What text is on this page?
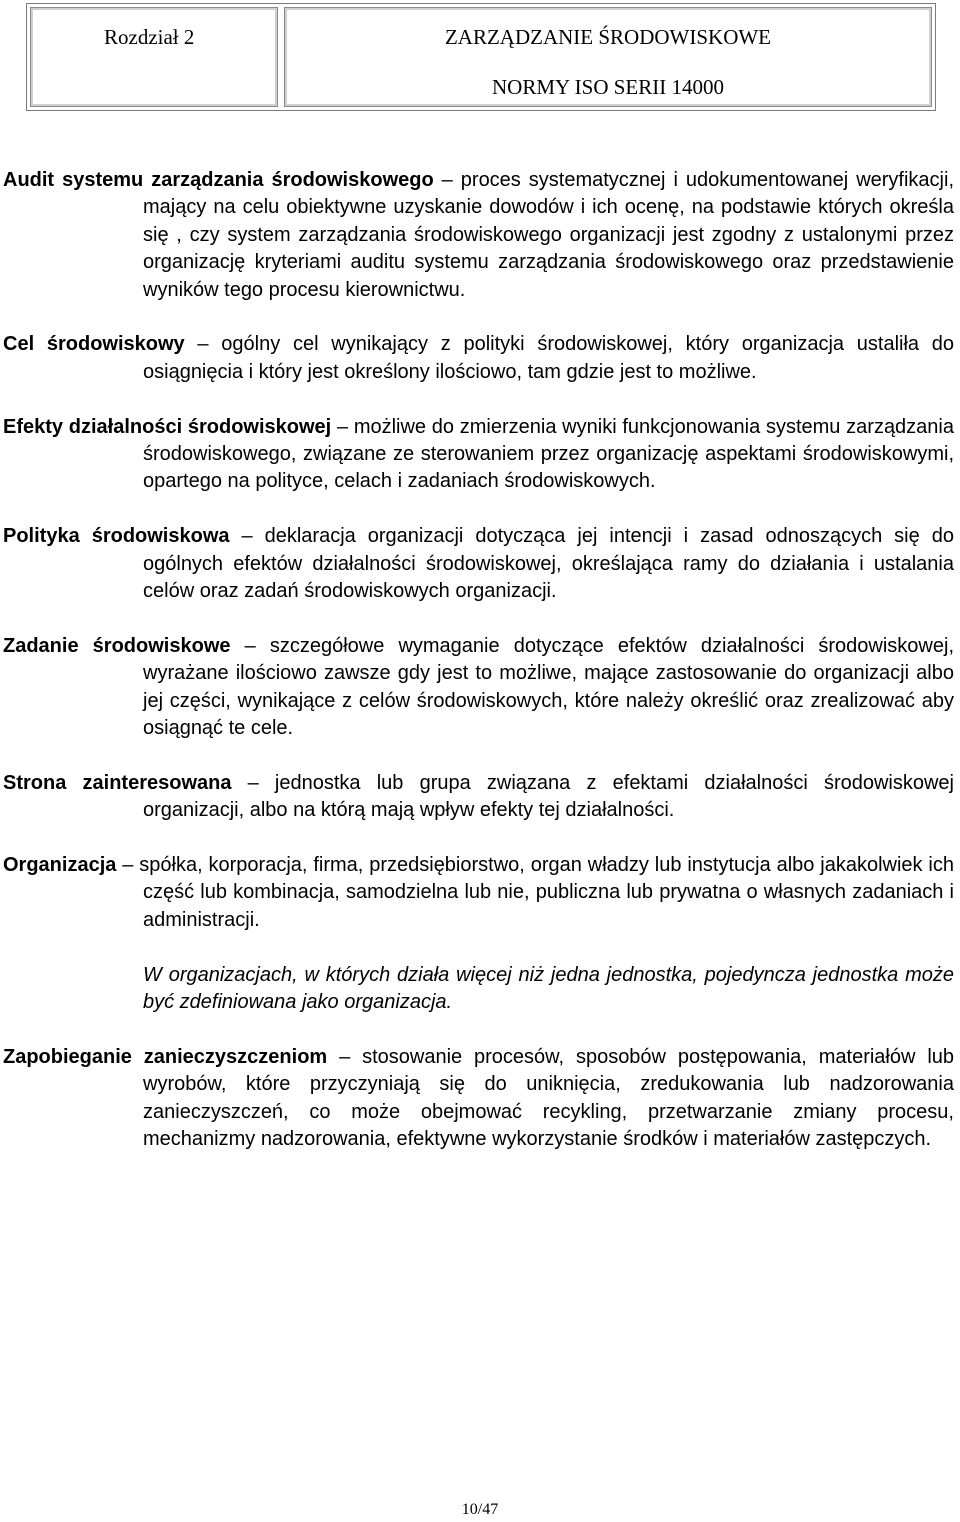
Rozdział 2	ZARZĄDZANIE ŚRODOWISKOWE
NORMY ISO SERII 14000

Audit systemu zarządzania środowiskowego – proces systematycznej i udokumentowanej weryfikacji, mający na celu obiektywne uzyskanie dowodów i ich ocenę, na podstawie których określa się , czy system zarządzania środowiskowego organizacji jest zgodny z ustalonymi przez organizację kryteriami auditu systemu zarządzania środowiskowego oraz przedstawienie wyników tego procesu kierownictwu.

Cel środowiskowy – ogólny cel wynikający z polityki środowiskowej, który organizacja ustaliła do osiągnięcia i który jest określony ilościowo, tam gdzie jest to możliwe.

Efekty działalności środowiskowej – możliwe do zmierzenia wyniki funkcjonowania systemu zarządzania środowiskowego, związane ze sterowaniem przez organizację aspektami środowiskowymi, opartego na polityce, celach i zadaniach środowiskowych.

Polityka środowiskowa – deklaracja organizacji dotycząca jej intencji i zasad odnoszących się do ogólnych efektów działalności środowiskowej, określająca ramy do działania i ustalania celów oraz zadań środowiskowych organizacji.

Zadanie środowiskowe – szczegółowe wymaganie dotyczące efektów działalności środowiskowej, wyrażane ilościowo zawsze gdy jest to możliwe, mające zastosowanie do organizacji albo jej części, wynikające z celów środowiskowych, które należy określić oraz zrealizować aby osiągnąć te cele.

Strona zainteresowana – jednostka lub grupa związana z efektami działalności środowiskowej organizacji, albo na którą mają wpływ efekty tej działalności.

Organizacja – spółka, korporacja, firma, przedsiębiorstwo, organ władzy lub instytucja albo jakakolwiek ich część lub kombinacja, samodzielna lub nie, publiczna lub prywatna o własnych zadaniach i administracji.

W organizacjach, w których działa więcej niż jedna jednostka, pojedyncza jednostka może być zdefiniowana jako organizacja.

Zapobieganie zanieczyszczeniom – stosowanie procesów, sposobów postępowania, materiałów lub wyrobów, które przyczyniają się do uniknięcia, zredukowania lub nadzorowania zanieczyszczeń, co może obejmować recykling, przetwarzanie zmiany procesu, mechanizmy nadzorowania, efektywne wykorzystanie środków i materiałów zastępczych.

10/47
